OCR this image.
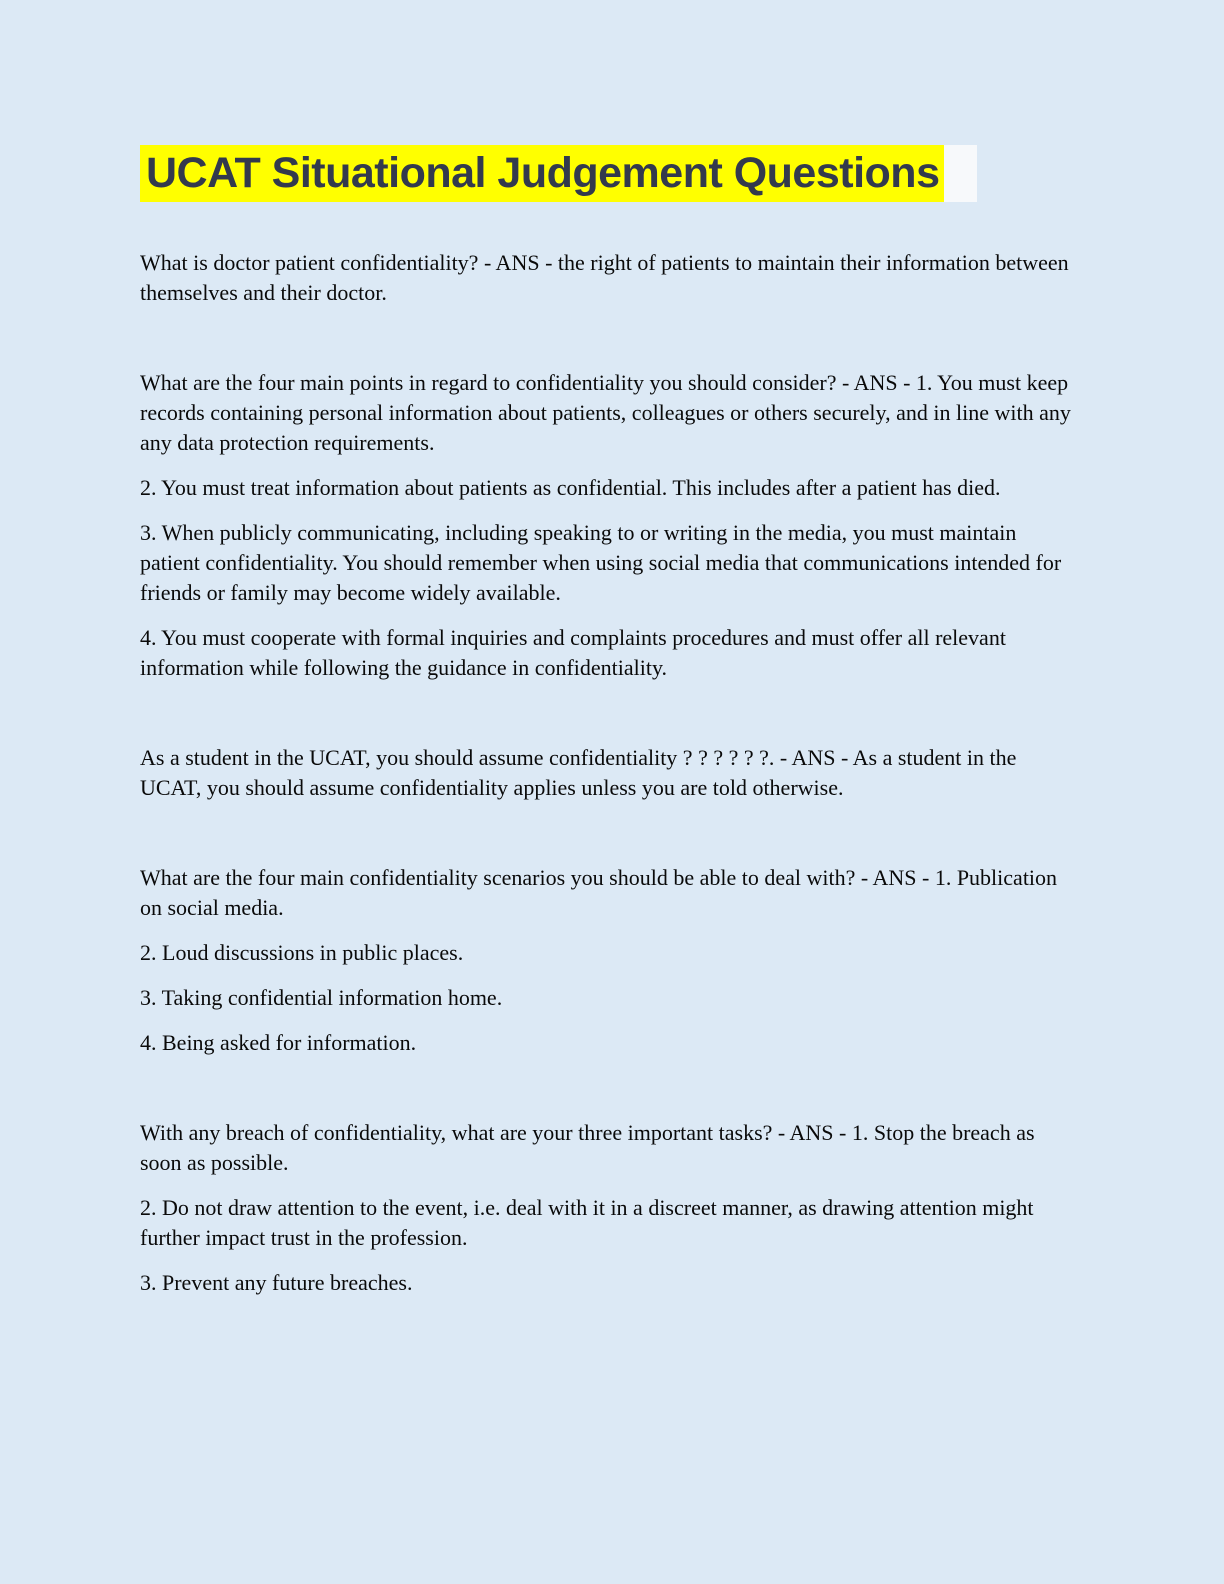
UCAT Situational Judgement Questions

What is doctor patient confidentiality? - ANS - the right of patients to maintain their information between themselves and their doctor.

What are the four main points in regard to confidentiality you should consider? - ANS - 1. You must keep records containing personal information about patients, colleagues or others securely, and in line with any any data protection requirements.

2. You must treat information about patients as confidential. This includes after a patient has died.

3. When publicly communicating, including speaking to or writing in the media, you must maintain patient confidentiality. You should remember when using social media that communications intended for friends or family may become widely available.

4. You must cooperate with formal inquiries and complaints procedures and must offer all relevant information while following the guidance in confidentiality.

As a student in the UCAT, you should assume confidentiality ? ? ? ? ? ?. - ANS - As a student in the UCAT, you should assume confidentiality applies unless you are told otherwise.

What are the four main confidentiality scenarios you should be able to deal with? - ANS - 1. Publication on social media.

2. Loud discussions in public places.

3. Taking confidential information home.

4. Being asked for information.

With any breach of confidentiality, what are your three important tasks? - ANS - 1. Stop the breach as soon as possible.

2. Do not draw attention to the event, i.e. deal with it in a discreet manner, as drawing attention might further impact trust in the profession.

3. Prevent any future breaches.
